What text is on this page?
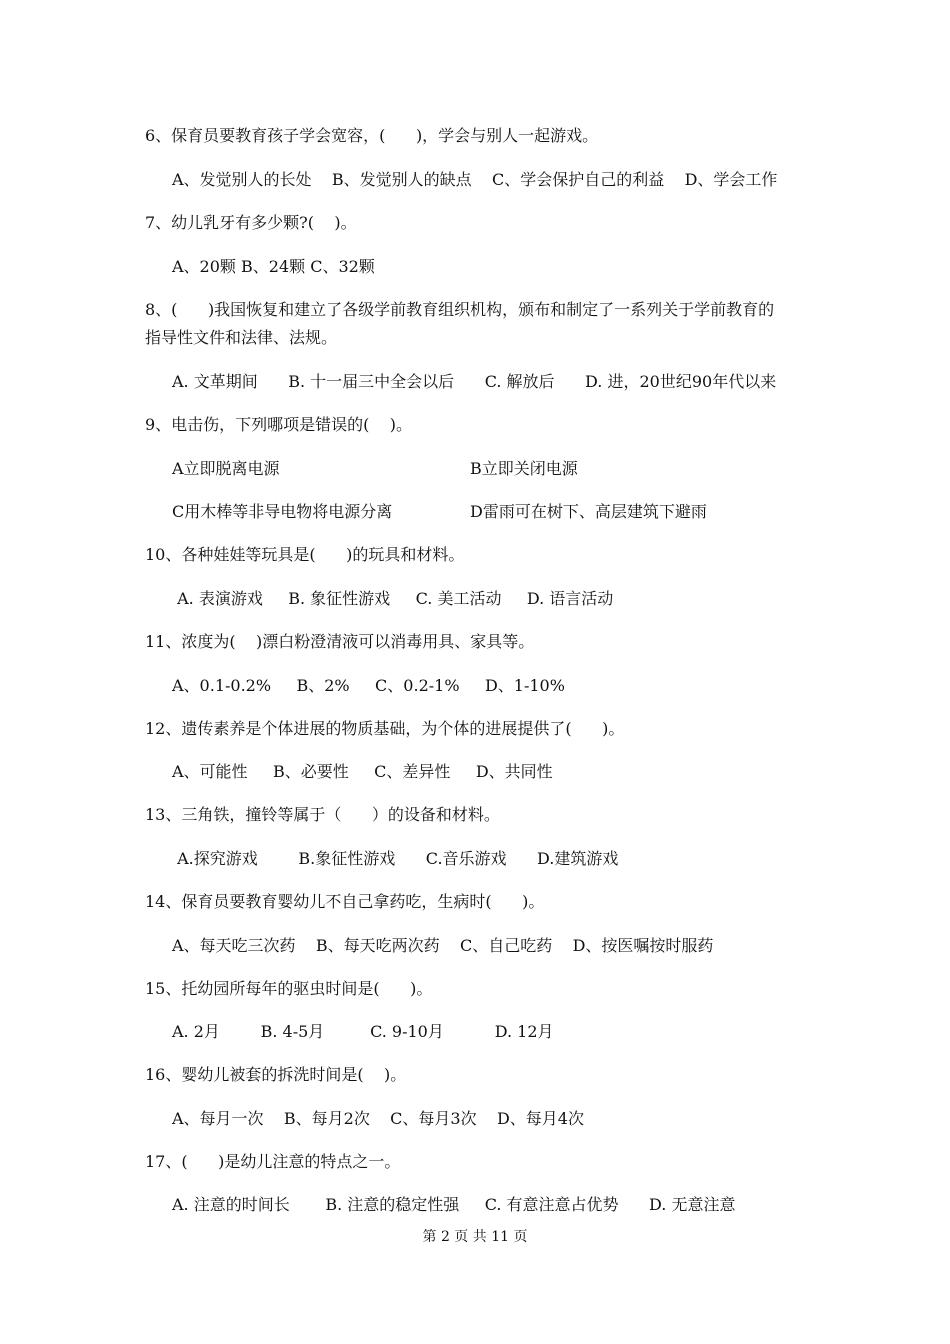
6、保育员要教育孩子学会宽容，(      )，学会与别人一起游戏。
A、发觉别人的长处    B、发觉别人的缺点    C、学会保护自己的利益    D、学会工作
7、幼儿乳牙有多少颗?(    )。
A、20颗 B、24颗 C、32颗
8、(      )我国恢复和建立了各级学前教育组织机构，颁布和制定了一系列关于学前教育的
指导性文件和法律、法规。
A. 文革期间      B. 十一届三中全会以后      C. 解放后      D. 进，20世纪90年代以来
9、电击伤，下列哪项是错误的(    )。
A立即脱离电源	B立即关闭电源
C用木棒等非导电物将电源分离	D雷雨可在树下、高层建筑下避雨
10、各种娃娃等玩具是(      )的玩具和材料。
A. 表演游戏     B. 象征性游戏     C. 美工活动     D. 语言活动
11、浓度为(    )漂白粉澄清液可以消毒用具、家具等。
A、0.1-0.2%     B、2%     C、0.2-1%     D、1-10%
12、遗传素养是个体进展的物质基础，为个体的进展提供了(      )。
A、可能性     B、必要性     C、差异性     D、共同性
13、三角铁，撞铃等属于（      ）的设备和材料。
A.探究游戏        B.象征性游戏      C.音乐游戏      D.建筑游戏
14、保育员要教育婴幼儿不自己拿药吃，生病时(      )。
A、每天吃三次药    B、每天吃两次药    C、自己吃药    D、按医嘱按时服药
15、托幼园所每年的驱虫时间是(      )。
A. 2月        B. 4-5月         C. 9-10月          D. 12月
16、婴幼儿被套的拆洗时间是(    )。
A、每月一次    B、每月2次    C、每月3次    D、每月4次
17、(      )是幼儿注意的特点之一。
A. 注意的时间长       B. 注意的稳定性强     C. 有意注意占优势      D. 无意注意
第 2 页 共 11 页
